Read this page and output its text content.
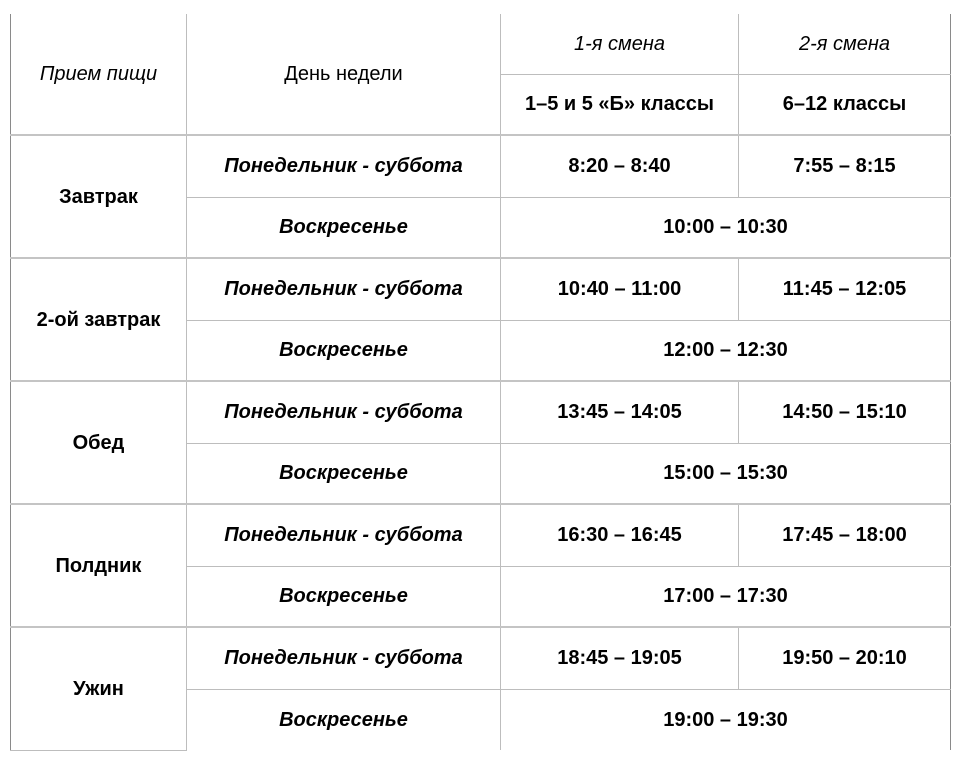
Прием пищи	День недели	1-я смена	2-я смена
		1–5 и 5 «Б» классы	6–12 классы
Завтрак	Понедельник - суббота	8:20 – 8:40	7:55 – 8:15
	Воскресенье	10:00 – 10:30	
2-ой завтрак	Понедельник - суббота	10:40 – 11:00	11:45 – 12:05
	Воскресенье	12:00 – 12:30	
Обед	Понедельник - суббота	13:45 – 14:05	14:50 – 15:10
	Воскресенье	15:00 – 15:30	
Полдник	Понедельник - суббота	16:30 – 16:45	17:45 – 18:00
	Воскресенье	17:00 – 17:30	
Ужин	Понедельник - суббота	18:45 – 19:05	19:50 – 20:10
	Воскресенье	19:00 – 19:30	
